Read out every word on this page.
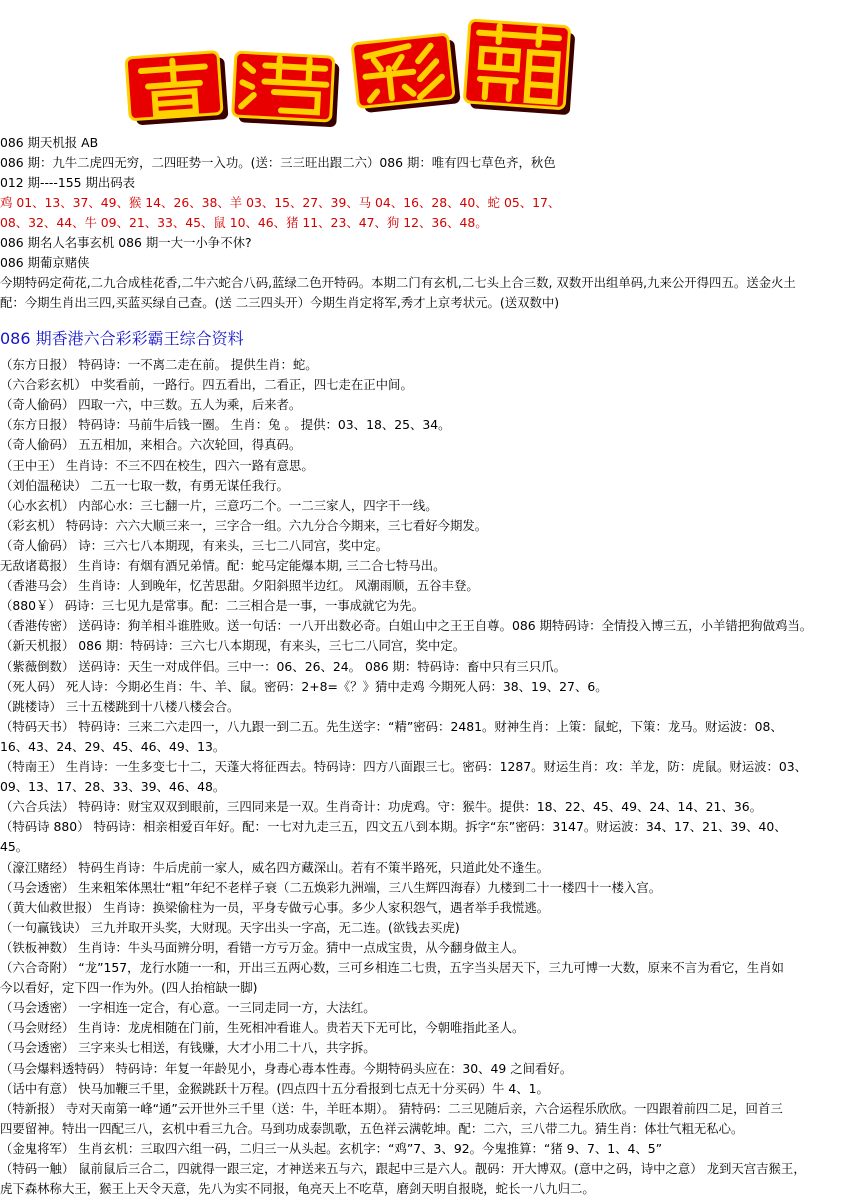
086 期天机报 AB

086 期：九牛二虎四无穷，二四旺势一入功。(送：三三旺出跟二六）086 期：唯有四七草色齐，秋色

012 期----155 期出码表

鸡 01、13、37、49、猴 14、26、38、羊 03、15、27、39、马 04、16、28、40、蛇 05、17、

08、32、44、牛 09、21、33、45、鼠 10、46、猪 11、23、47、狗 12、36、48。

086 期名人名事玄机 086 期一大一小争不休?

086 期葡京赌侠

今期特码定荷花,二九合成桂花香,二牛六蛇合八码,蓝绿二色开特码。本期二门有玄机,二七头上合三数, 双数开出组单码,九来公开得四五。送金火土

配：今期生肖出三四,买蓝买绿自己查。(送 二三四头开）今期生肖定将军,秀才上京考状元。(送双数中)

086 期香港六合彩彩霸王综合资料

（东方日报） 特码诗：一不离二走在前。 提供生肖：蛇。

（六合彩玄机） 中奖看前，一路行。四五看出，二看正，四七走在正中间。

（奇人偷码） 四取一六，中三数。五人为乘，后来者。

（东方日报） 特码诗：马前牛后钱一圈。 生肖：兔 。 提供：03、18、25、34。

（奇人偷码） 五五相加，来相合。六次轮回，得真码。

（王中王） 生肖诗：不三不四在校生，四六一路有意思。

（刘伯温秘诀） 二五一七取一数，有勇无谋任我行。

（心水玄机） 内部心水：三七翻一片，三意巧二个。一二三家人，四字干一线。

（彩玄机） 特码诗：六六大顺三来一，三字合一组。六九分合今期来，三七看好今期发。

（奇人偷码） 诗：三六七八本期现，有来头，三七二八同宫，奖中定。

无敌诸葛报） 生肖诗：有烟有酒兄弟情。配：蛇马定能爆本期, 三二合七特马出。

（香港马会） 生肖诗：人到晚年，忆苦思甜。夕阳斜照半边红。 风潮雨顺，五谷丰登。

（880￥） 码诗：三七见九是常事。配：二三相合是一事，一事成就它为先。

（香港传密） 送码诗：狗羊相斗谁胜败。送一句话：一八开出数必奇。白姐山中之王王自尊。086 期特码诗：全情投入博三五，小羊错把狗做鸡当。

（新天机报） 086 期：特码诗：三六七八本期现，有来头，三七二八同宫，奖中定。

（紫薇倒数） 送码诗：天生一对成伴侣。三中一：06、26、24。 086 期：特码诗：畜中只有三只爪。

（死人码） 死人诗：今期必生肖：牛、羊、鼠。密码：2+8=《？》猜中走鸡 今期死人码：38、19、27、6。

（跳楼诗） 三十五楼跳到十八楼八楼会合。

（特码天书） 特码诗：三来二六走四一，八九跟一到二五。先生送字：“精”密码：2481。财神生肖：上策：鼠蛇，下策：龙马。财运波：08、

16、43、24、29、45、46、49、13。

（特南王） 生肖诗：一生多变七十二，天蓬大将征西去。特码诗：四方八面跟三七。密码：1287。财运生肖：攻：羊龙，防：虎鼠。财运波：03、

09、13、17、28、33、39、46、48。

（六合兵法） 特码诗：财宝双双到眼前，三四同来是一双。生肖奇计：功虎鸡。守：猴牛。提供：18、22、45、49、24、14、21、36。

（特码诗 880） 特码诗：相亲相爱百年好。配：一七对九走三五，四文五八到本期。拆字“东”密码：3147。财运波：34、17、21、39、40、

45。

（濠江赌经） 特码生肖诗：牛后虎前一家人，威名四方藏深山。若有不策半路死，只道此处不逢生。

（马会透密） 生来粗笨体黑壮“粗”年纪不老样子衰（二五焕彩九洲端，三八生辉四海春）九楼到二十一楼四十一楼入宫。

（黄大仙救世报） 生肖诗：换梁偷柱为一员，平身专做亏心事。多少人家积怨气，遇者举手我慌逃。

（一句赢钱诀） 三九并取开头奖，大财现。天字出头一字高，无二连。(欲钱去买虎)

（铁板神数） 生肖诗：牛头马面辨分明，看错一方亏万金。猜中一点成宝贵，从今翻身做主人。

（六合奇附） “龙”157，龙行水随一一和，开出三五两心数，三可乡相连二七贵，五字当头居天下，三九可博一大数，原来不言为看它，生肖如

今以看好，定下四一作为外。(四人抬棺缺一脚)

（马会透密） 一字相连一定合，有心意。一三同走同一方，大法红。

（马会财经） 生肖诗：龙虎相随在门前，生死相冲看谁人。贵若天下无可比，今朝唯指此圣人。

（马会透密） 三字来头七相送，有钱赚，大才小用二十八，共字拆。

（马会爆料透特码） 特码诗：年复一年龄见小，身毒心毒本性毒。今期特码头应在：30、49 之间看好。

（话中有意） 快马加鞭三千里，金猴跳跃十万程。(四点四十五分看报到七点无十分买码）牛 4、1。

（特新报） 寺对天南第一峰“通”云开世外三千里（送：牛，羊旺本期）。 猜特码：二三见随后亲，六合运程乐欣欣。一四跟着前四二足，回首三

四要留神。特出一四配三八，玄机中看三九合。马到功成泰凯歌，五色祥云满乾坤。配：二六，三八带二九。猜生肖：体壮气粗无私心。

（金鬼将军） 生肖玄机：三取四六组一码，二归三一从头起。玄机字：“鸡”7、3、92。今鬼推算：“猪 9、7、1、4、5”

（特码一触） 鼠前鼠后三合二，四就得一跟三定，才神送来五与六，跟起中三是六人。靓码：开大博双。(意中之码，诗中之意） 龙到天宫吉猴王，

虎下森林称大王，猴王上天令天意，先八为实不同报，龟亮天上不吃草，磨剑天明自报晓，蛇长一八九归二。
